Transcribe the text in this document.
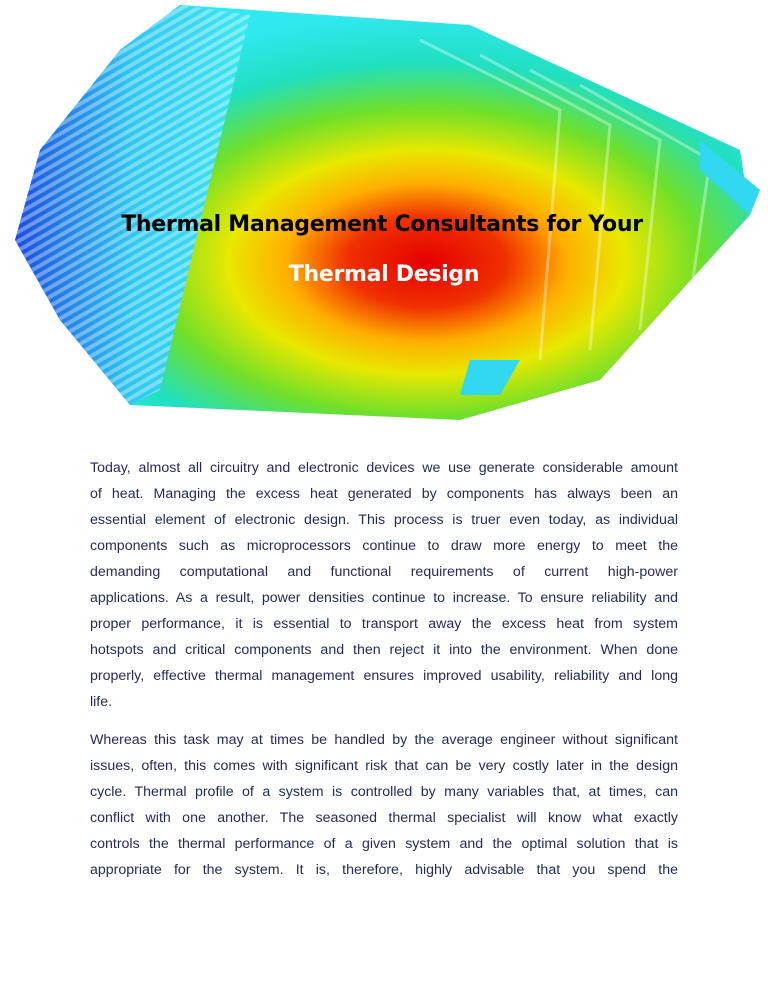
Thermal Management Consultants for Your
Thermal Design
Today, almost all circuitry and electronic devices we use generate considerable amount
of heat. Managing the excess heat generated by components has always been an
essential element of electronic design. This process is truer even today, as individual
components such as microprocessors continue to draw more energy to meet the
demanding computational and functional requirements of current high-power
applications. As a result, power densities continue to increase. To ensure reliability and
proper performance, it is essential to transport away the excess heat from system
hotspots and critical components and then reject it into the environment. When done
properly, effective thermal management ensures improved usability, reliability and long
life.
Whereas this task may at times be handled by the average engineer without significant
issues, often, this comes with significant risk that can be very costly later in the design
cycle. Thermal profile of a system is controlled by many variables that, at times, can
conflict with one another. The seasoned thermal specialist will know what exactly
controls the thermal performance of a given system and the optimal solution that is
appropriate for the system. It is, therefore, highly advisable that you spend the
